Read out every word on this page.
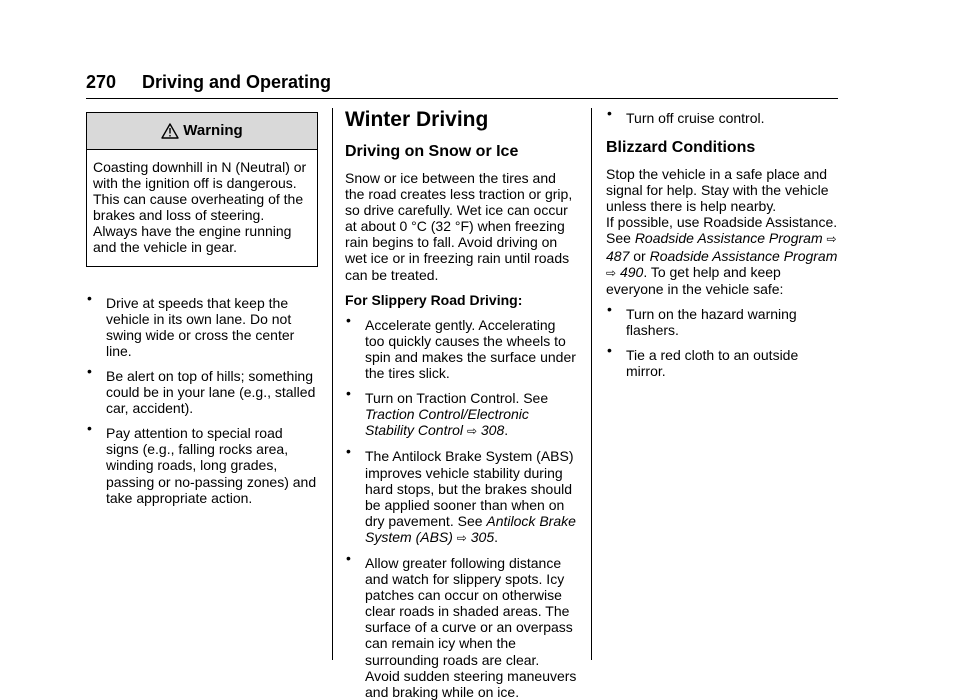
270 Driving and Operating
Warning
Coasting downhill in N (Neutral) or with the ignition off is dangerous. This can cause overheating of the brakes and loss of steering. Always have the engine running and the vehicle in gear.
• Drive at speeds that keep the vehicle in its own lane. Do not swing wide or cross the center line.
• Be alert on top of hills; something could be in your lane (e.g., stalled car, accident).
• Pay attention to special road signs (e.g., falling rocks area, winding roads, long grades, passing or no-passing zones) and take appropriate action.
Winter Driving
Driving on Snow or Ice

Snow or ice between the tires and the road creates less traction or grip, so drive carefully. Wet ice can occur at about 0 °C (32 °F) when freezing rain begins to fall. Avoid driving on wet ice or in freezing rain until roads can be treated.

For Slippery Road Driving:

• Accelerate gently. Accelerating too quickly causes the wheels to spin and makes the surface under the tires slick.
• Turn on Traction Control. See Traction Control/Electronic Stability Control ⇨ 308.
• The Antilock Brake System (ABS) improves vehicle stability during hard stops, but the brakes should be applied sooner than when on dry pavement. See Antilock Brake System (ABS) ⇨ 305.
• Allow greater following distance and watch for slippery spots. Icy patches can occur on otherwise clear roads in shaded areas. The surface of a curve or an overpass can remain icy when the surrounding roads are clear. Avoid sudden steering maneuvers and braking while on ice.
• Turn off cruise control.
Blizzard Conditions

Stop the vehicle in a safe place and signal for help. Stay with the vehicle unless there is help nearby.

If possible, use Roadside Assistance. See Roadside Assistance Program ⇨ 487 or Roadside Assistance Program ⇨ 490. To get help and keep everyone in the vehicle safe:

• Turn on the hazard warning flashers.
• Tie a red cloth to an outside mirror.
